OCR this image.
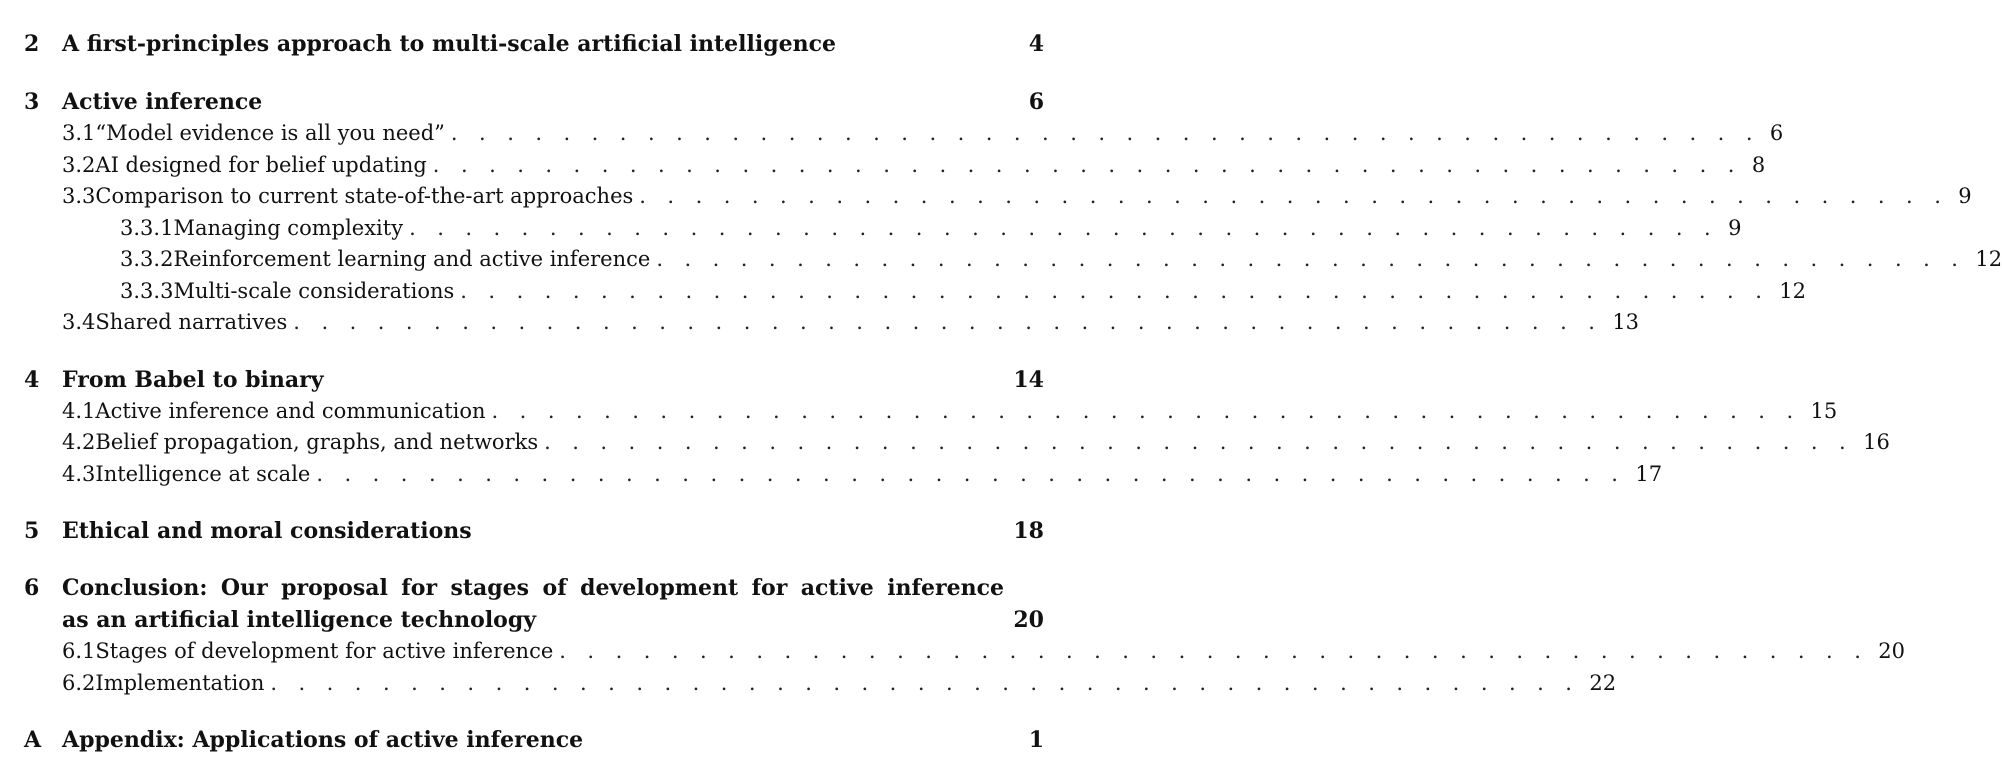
2	A first-principles approach to multi-scale artificial intelligence	4
3	Active inference	6
3.1 “Model evidence is all you need” . . . . . . . . . . . . . . . . . . . . . . . . . . . . . . . . . . . . . . . . . . . . . . . 6
3.2 AI designed for belief updating . . . . . . . . . . . . . . . . . . . . . . . . . . . . . . . . . . . . . . . . . . . . . . . 8
3.3 Comparison to current state-of-the-art approaches . . . . . . . . . . . . . . . . . . . . . . . . . . . . . . . . . . . . . . . . . . . . . . . 9
3.3.1 Managing complexity . . . . . . . . . . . . . . . . . . . . . . . . . . . . . . . . . . . . . . . . . . . . . . . 9
3.3.2 Reinforcement learning and active inference . . . . . . . . . . . . . . . . . . . . . . . . . . . . . . . . . . . . . . . . . . . . . . . 12
3.3.3 Multi-scale considerations . . . . . . . . . . . . . . . . . . . . . . . . . . . . . . . . . . . . . . . . . . . . . . . 12
3.4 Shared narratives . . . . . . . . . . . . . . . . . . . . . . . . . . . . . . . . . . . . . . . . . . . . . . . 13
4	From Babel to binary	14
4.1 Active inference and communication . . . . . . . . . . . . . . . . . . . . . . . . . . . . . . . . . . . . . . . . . . . . . . . 15
4.2 Belief propagation, graphs, and networks . . . . . . . . . . . . . . . . . . . . . . . . . . . . . . . . . . . . . . . . . . . . . . . 16
4.3 Intelligence at scale . . . . . . . . . . . . . . . . . . . . . . . . . . . . . . . . . . . . . . . . . . . . . . . 17
5	Ethical and moral considerations	18
6	Conclusion: Our proposal for stages of development for active inference
as an artificial intelligence technology	20
6.1 Stages of development for active inference . . . . . . . . . . . . . . . . . . . . . . . . . . . . . . . . . . . . . . . . . . . . . . . 20
6.2 Implementation . . . . . . . . . . . . . . . . . . . . . . . . . . . . . . . . . . . . . . . . . . . . . . . 22
A Appendix: Applications of active inference	1
